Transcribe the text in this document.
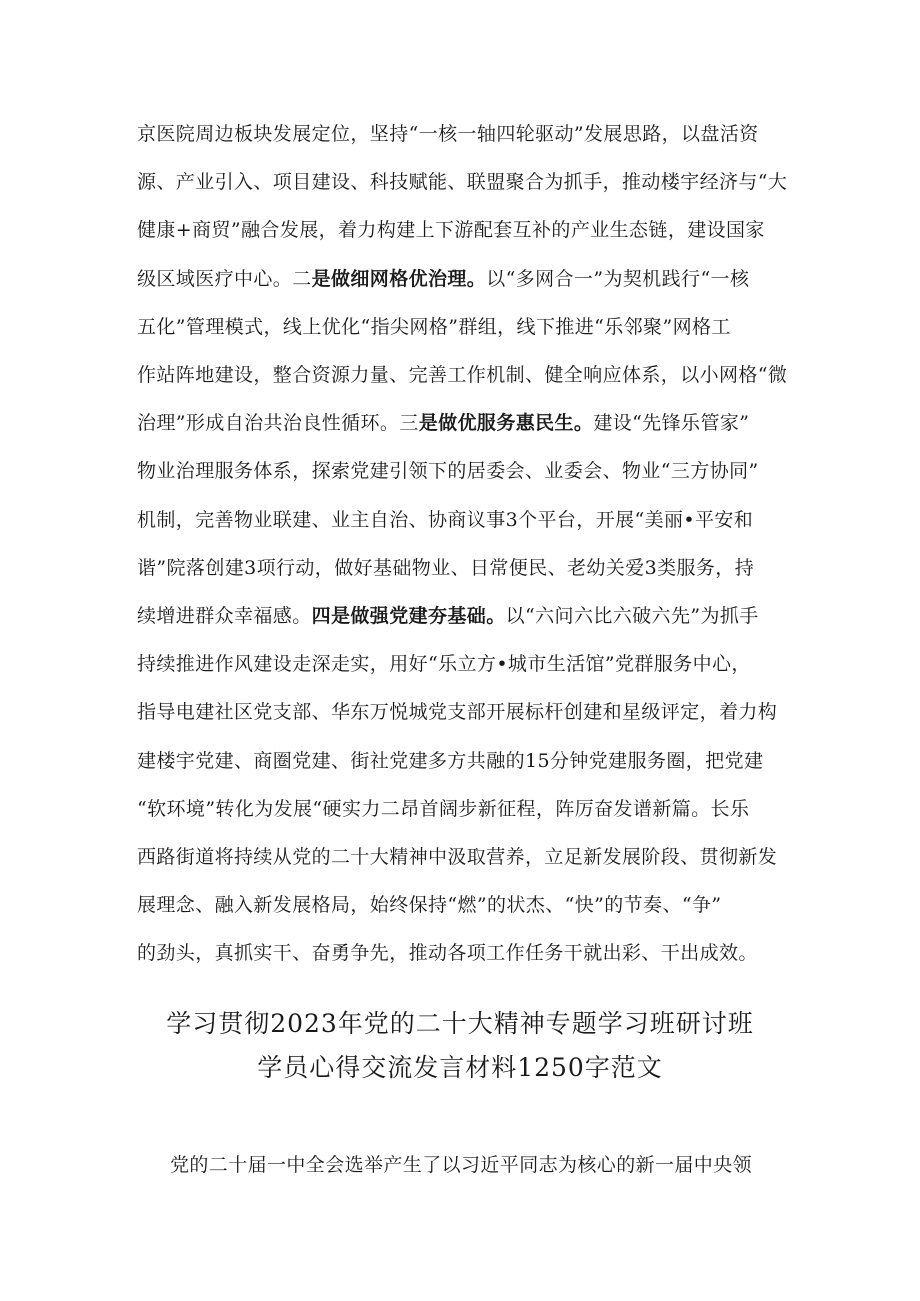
京医院周边板块发展定位，坚持“一核一轴四轮驱动”发展思路，以盘活资
源、产业引入、项目建设、科技赋能、联盟聚合为抓手，推动楼宇经济与“大
健康+商贸”融合发展，着力构建上下游配套互补的产业生态链，建设国家
级区域医疗中心。二是做细网格优治理。以“多网合一”为契机践行“一核
五化”管理模式，线上优化“指尖网格”群组，线下推进“乐邻聚”网格工
作站阵地建设，整合资源力量、完善工作机制、健全响应体系，以小网格“微
治理”形成自治共治良性循环。三是做优服务惠民生。建设“先锋乐管家”
物业治理服务体系，探索党建引领下的居委会、业委会、物业“三方协同”
机制，完善物业联建、业主自治、协商议事3个平台，开展“美丽•平安和
谐”院落创建3项行动，做好基础物业、日常便民、老幼关爱3类服务，持
续增进群众幸福感。四是做强党建夯基础。以“六问六比六破六先”为抓手
持续推进作风建设走深走实，用好“乐立方•城市生活馆”党群服务中心，
指导电建社区党支部、华东万悦城党支部开展标杆创建和星级评定，着力构
建楼宇党建、商圈党建、街社党建多方共融的15分钟党建服务圈，把党建
“软环境”转化为发展“硬实力二昂首阔步新征程，阵厉奋发谱新篇。长乐
西路街道将持续从党的二十大精神中汲取营养，立足新发展阶段、贯彻新发
展理念、融入新发展格局，始终保持“燃”的状杰、“快”的节奏、“争”
的劲头，真抓实干、奋勇争先，推动各项工作任务干就出彩、干出成效。
学习贯彻2023年党的二十大精神专题学习班研讨班
学员心得交流发言材料1250字范文
党的二十届一中全会选举产生了以习近平同志为核心的新一届中央领
